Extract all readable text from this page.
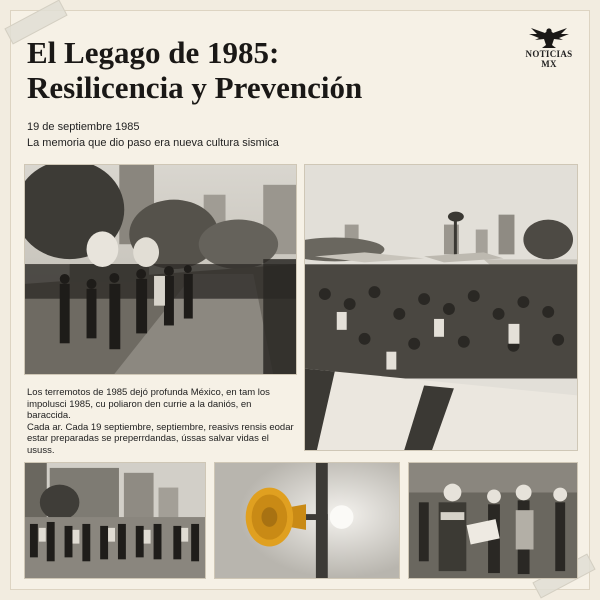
El Legago de 1985:
Resilicencia y Prevención
NOTICIAS
MX
19 de septiembre 1985
La memoria que dio paso era nueva cultura sismica

Los terremotos de 1985 dejó profunda México, en tam los

impolusci 1985, cu poliaron den currie a la daniós, en baraccida.

Cada ar. Cada 19 septiembre, septiembre, reasivs rensis eodar

estar preparadas se preperrdandas, ússas salvar vidas el ususs.
